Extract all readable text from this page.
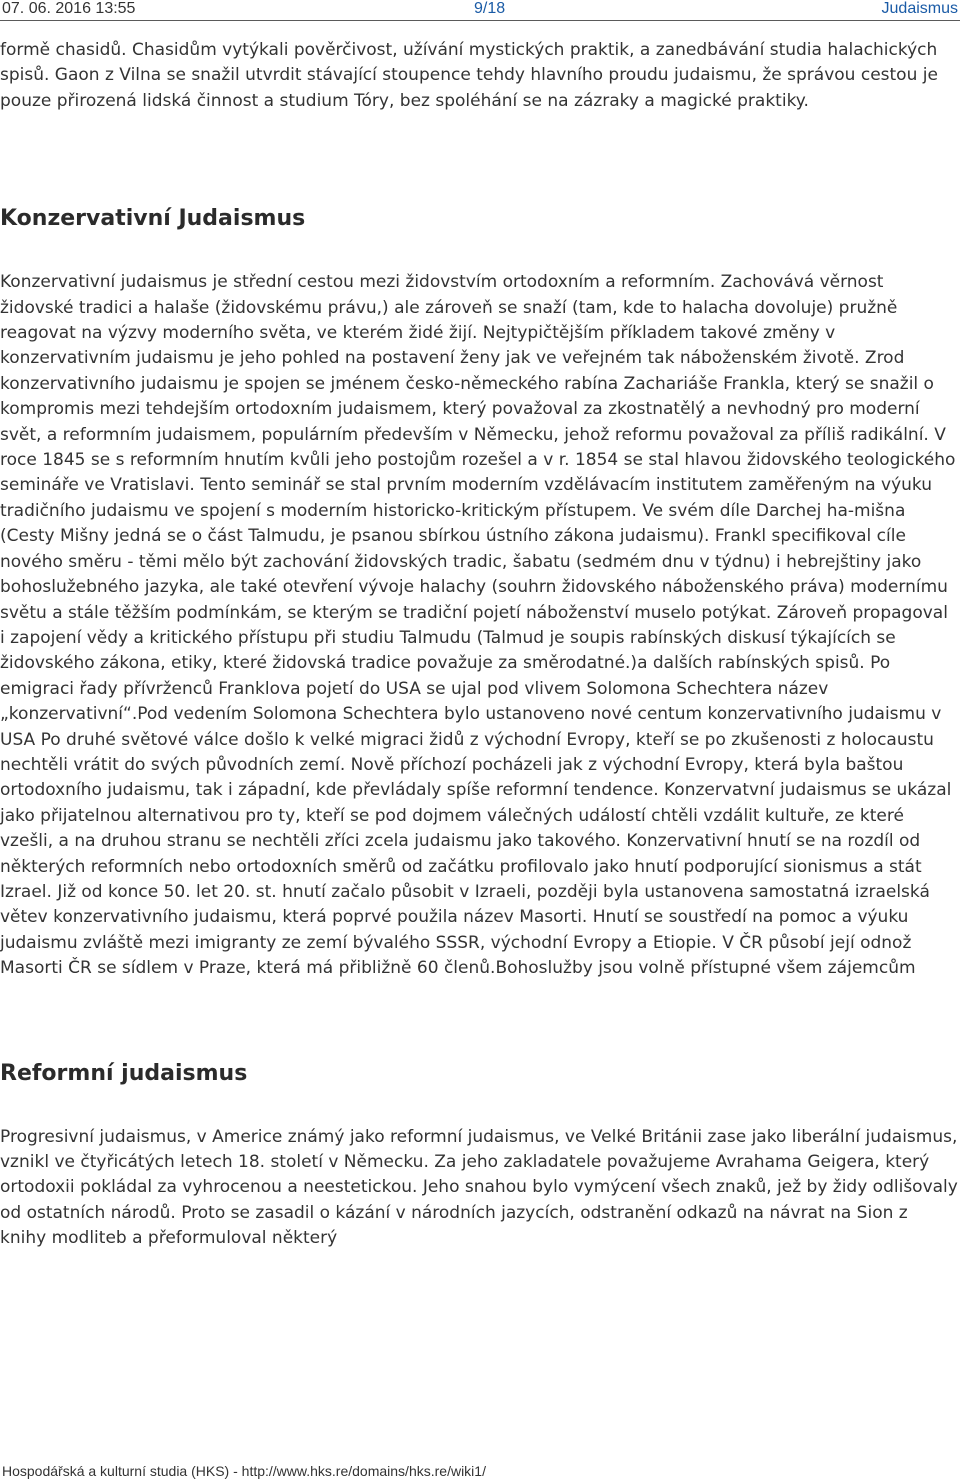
07. 06. 2016 13:55	9/18	Judaismus

formě chasidů. Chasidům vytýkali pověrčivost, užívání mystických praktik, a zanedbávání studia halachických spisů. Gaon z Vilna se snažil utvrdit stávající stoupence tehdy hlavního proudu judaismu, že správou cestou je pouze přirozená lidská činnost a studium Tóry, bez spoléhání se na zázraky a magické praktiky.

Konzervativní Judaismus

Konzervativní judaismus je střední cestou mezi židovstvím ortodoxním a reformním. Zachovává věrnost židovské tradici a halaše (židovskému právu,) ale zároveň se snaží (tam, kde to halacha dovoluje) pružně reagovat na výzvy moderního světa, ve kterém židé žijí. Nejtypičtějším příkladem takové změny v konzervativním judaismu je jeho pohled na postavení ženy jak ve veřejném tak náboženském životě. Zrod konzervativního judaismu je spojen se jménem česko-německého rabína Zachariáše Frankla, který se snažil o kompromis mezi tehdejším ortodoxním judaismem, který považoval za zkostnatělý a nevhodný pro moderní svět, a reformním judaismem, populárním především v Německu, jehož reformu považoval za příliš radikální. V roce 1845 se s reformním hnutím kvůli jeho postojům rozešel a v r. 1854 se stal hlavou židovského teologického semináře ve Vratislavi. Tento seminář se stal prvním moderním vzdělávacím institutem zaměřeným na výuku tradičního judaismu ve spojení s moderním historicko-kritickým přístupem. Ve svém díle Darchej ha-mišna (Cesty Mišny jedná se o část Talmudu, je psanou sbírkou ústního zákona judaismu). Frankl specifikoval cíle nového směru - těmi mělo být zachování židovských tradic, šabatu (sedmém dnu v týdnu) i hebrejštiny jako bohoslužebného jazyka, ale také otevření vývoje halachy (souhrn židovského náboženského práva) modernímu světu a stále těžším podmínkám, se kterým se tradiční pojetí náboženství muselo potýkat. Zároveň propagoval i zapojení vědy a kritického přístupu při studiu Talmudu (Talmud je soupis rabínských diskusí týkajících se židovského zákona, etiky, které židovská tradice považuje za směrodatné.)a dalších rabínských spisů. Po emigraci řady přívrženců Franklova pojetí do USA se ujal pod vlivem Solomona Schechtera název „konzervativní“.Pod vedením Solomona Schechtera bylo ustanoveno nové centum konzervativního judaismu v USA Po druhé světové válce došlo k velké migraci židů z východní Evropy, kteří se po zkušenosti z holocaustu nechtěli vrátit do svých původních zemí. Nově příchozí pocházeli jak z východní Evropy, která byla baštou ortodoxního judaismu, tak i západní, kde převládaly spíše reformní tendence. Konzervatvní judaismus se ukázal jako přijatelnou alternativou pro ty, kteří se pod dojmem válečných událostí chtěli vzdálit kultuře, ze které vzešli, a na druhou stranu se nechtěli zříci zcela judaismu jako takového. Konzervativní hnutí se na rozdíl od některých reformních nebo ortodoxních směrů od začátku profilovalo jako hnutí podporující sionismus a stát Izrael. Již od konce 50. let 20. st. hnutí začalo působit v Izraeli, později byla ustanovena samostatná izraelská větev konzervativního judaismu, která poprvé použila název Masorti. Hnutí se soustředí na pomoc a výuku judaismu zvláště mezi imigranty ze zemí bývalého SSSR, východní Evropy a Etiopie. V ČR působí její odnož Masorti ČR se sídlem v Praze, která má přibližně 60 členů.Bohoslužby jsou volně přístupné všem zájemcům

Reformní judaismus

Progresivní judaismus, v Americe známý jako reformní judaismus, ve Velké Británii zase jako liberální judaismus, vznikl ve čtyřicátých letech 18. století v Německu. Za jeho zakladatele považujeme Avrahama Geigera, který ortodoxii pokládal za vyhrocenou a neestetickou. Jeho snahou bylo vymýcení všech znaků, jež by židy odlišovaly od ostatních národů. Proto se zasadil o kázání v národních jazycích, odstranění odkazů na návrat na Sion z knihy modliteb a přeformuloval některý

Hospodářská a kulturní studia (HKS) - http://www.hks.re/domains/hks.re/wiki1/
